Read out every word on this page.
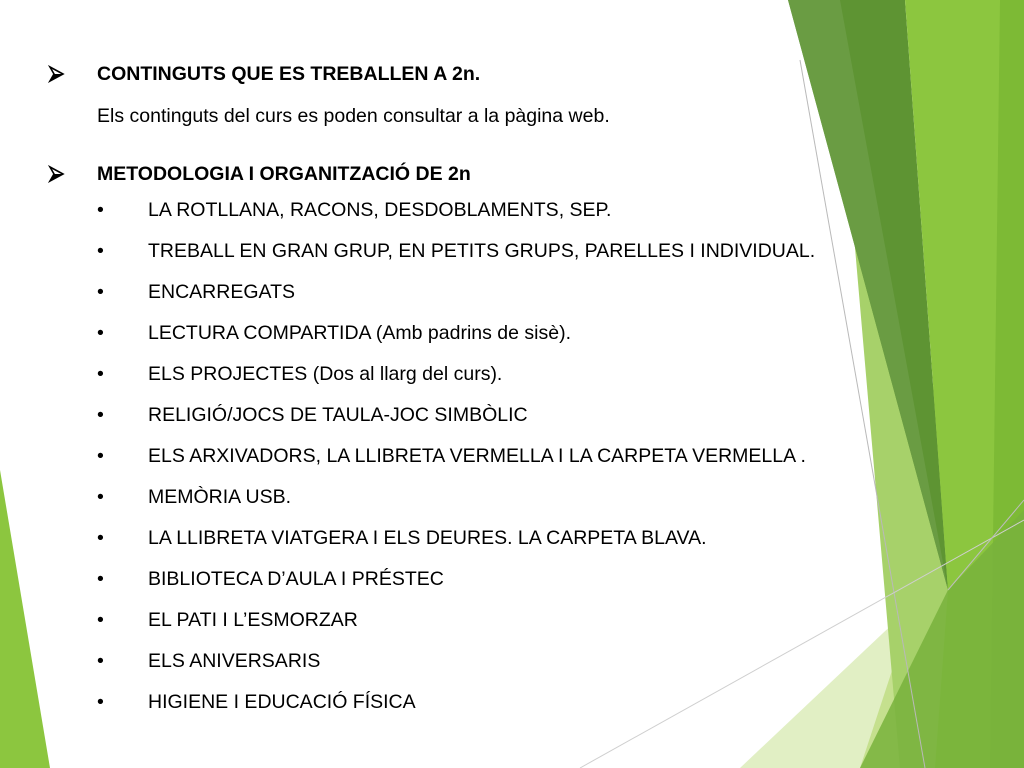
CONTINGUTS QUE ES TREBALLEN A 2n.
Els continguts del curs es poden consultar a la pàgina web.
METODOLOGIA I ORGANITZACIÓ DE 2n
• LA ROTLLANA, RACONS, DESDOBLAMENTS, SEP.
• TREBALL EN GRAN GRUP, EN PETITS GRUPS, PARELLES I INDIVIDUAL.
• ENCARREGATS
• LECTURA COMPARTIDA (Amb padrins de sisè).
• ELS PROJECTES (Dos al llarg del curs).
• RELIGIÓ/JOCS DE TAULA-JOC SIMBÒLIC
• ELS ARXIVADORS, LA LLIBRETA VERMELLA I LA CARPETA VERMELLA .
• MEMÒRIA USB.
• LA LLIBRETA VIATGERA I ELS DEURES. LA CARPETA BLAVA.
• BIBLIOTECA D’AULA I PRÉSTEC
• EL PATI I L’ESMORZAR
• ELS ANIVERSARIS
• HIGIENE I EDUCACIÓ FÍSICA
